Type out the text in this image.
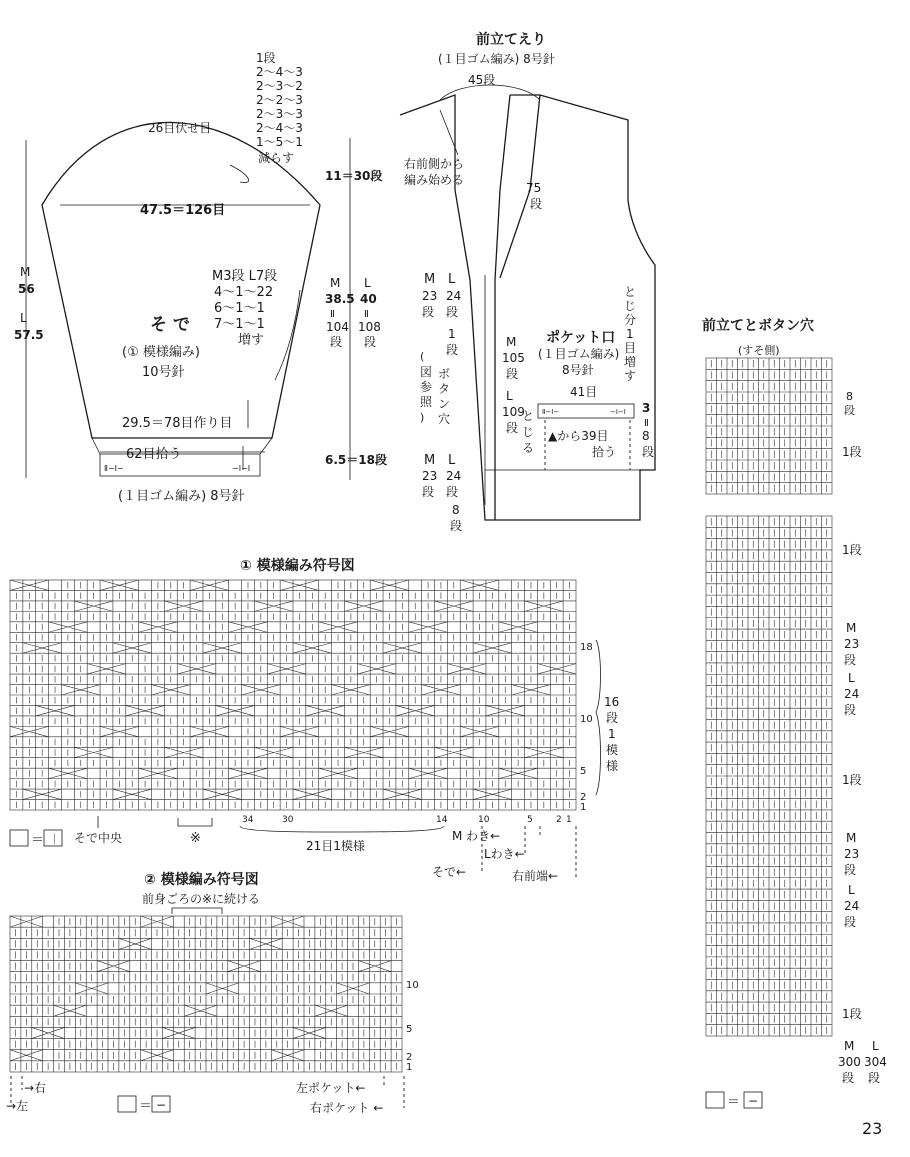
1段
2～4～3
2～3～2
2～2～3
2～3～3
2～4～3
1～5～1
減らす
26目伏せ目
47.5＝126目
M
56
L
57.5
M3段 L7段
4～1～22
6～1～1
7～1～1
増す
そ で
(① 模様編み)
10号針
29.5＝78目作り目
62目拾う
Ⅱ−Ⅰ−	−Ⅰ−Ⅰ
(１目ゴム編み) 8号針
11＝30段
M
38.5
Ⅱ
104
段
L
40
Ⅱ
108
段
6.5＝18段
前立てえり
(１目ゴム編み) 8号針
45段
右前側から
編み始める
75
段
M
23
段
L
24
段
1
段
M
105
段
L
109
段
ボ
タ
ン
穴
(
図
参
照
)
M
23
段
L
24
段
8
段
と
じ
る
ポケット口
(１目ゴム編み)
8号針
41目
Ⅱ−Ⅰ−	−Ⅰ−Ⅰ
▲から39目
拾う
3
Ⅱ
8
段
と
じ
分
1
目
増
す
① 模様編み符号図
18
10
5
2
1
16
段
1
模
様
34	30	14	10	5	2 1
＝ ｜ そで中央	※	21目1模様
M わき←
Lわき←
そで←	右前端←
② 模様編み符号図
前身ごろの※に続ける
10
5
2
1
→右
→左	＝ −
左ポケット←
右ポケット ←
前立てとボタン穴
(すそ側)
8
段
1段
1段
M
23
段
L
24
段
1段
M
23
段
L
24
段
1段
M
300
段
L
304
段
＝ −
23
